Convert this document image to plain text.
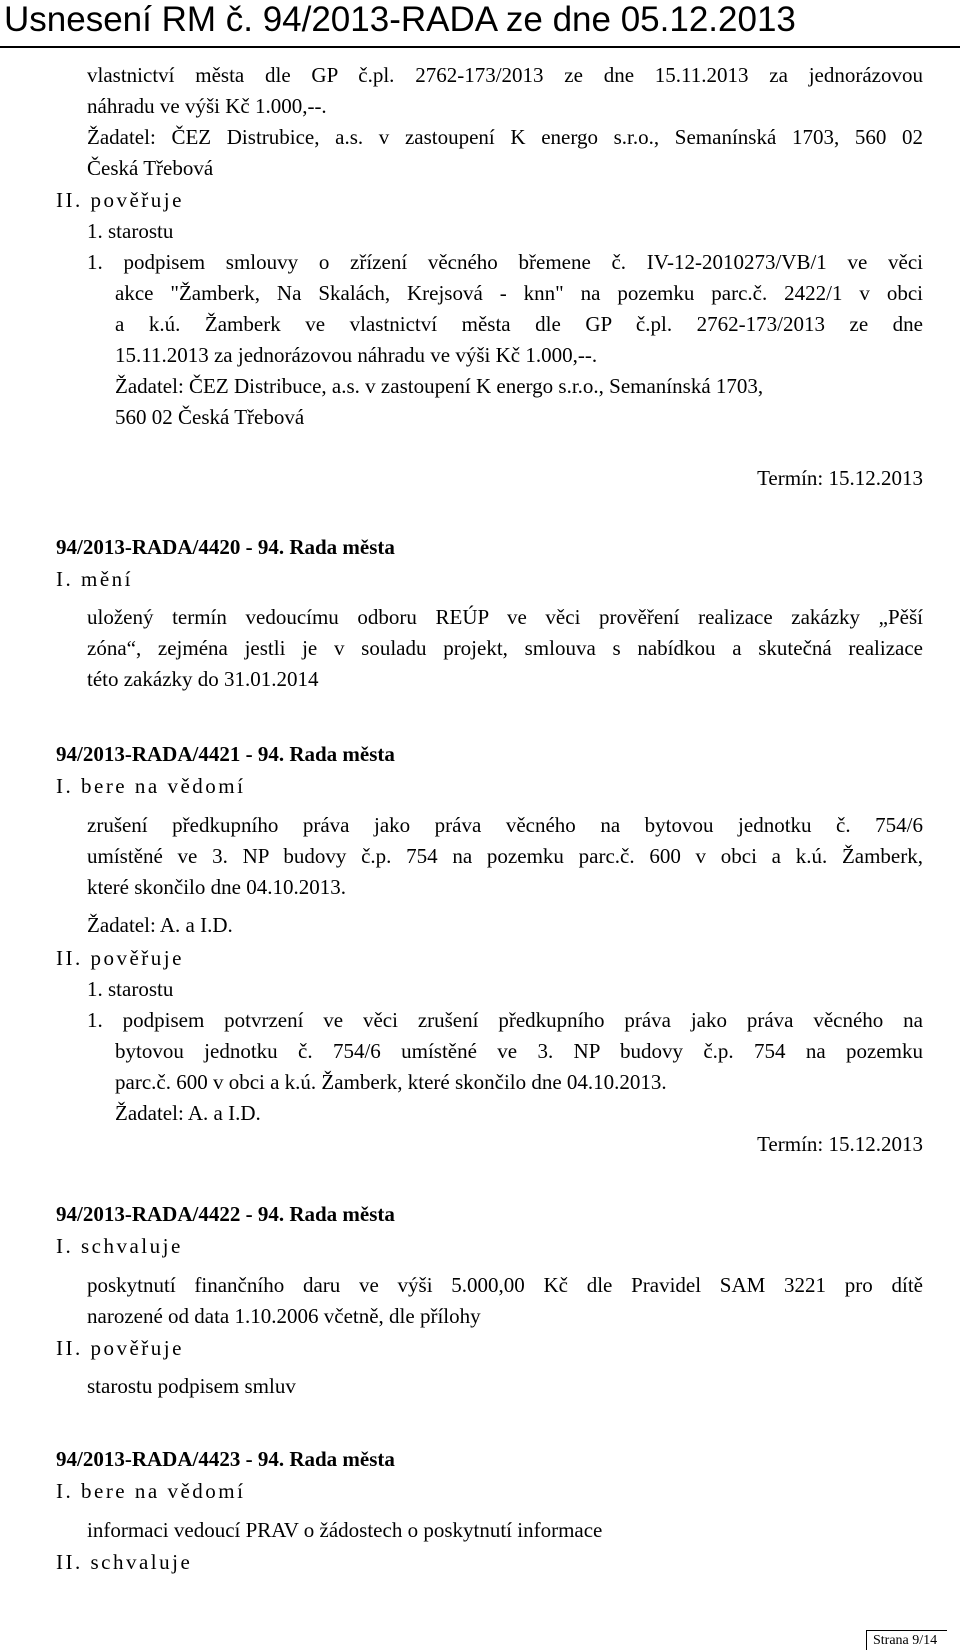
Usnesení RM č. 94/2013-RADA ze dne 05.12.2013
vlastnictví města dle GP č.pl. 2762-173/2013 ze dne 15.11.2013 za jednorázovou
náhradu ve výši Kč 1.000,--.
Žadatel: ČEZ Distrubice, a.s. v zastoupení K energo s.r.o., Semanínská 1703, 560 02
Česká Třebová
II. pověřuje
1. starostu
1. podpisem smlouvy o zřízení věcného břemene č. IV-12-2010273/VB/1 ve věci
akce "Žamberk, Na Skalách, Krejsová - knn" na pozemku parc.č. 2422/1 v obci
a k.ú. Žamberk ve vlastnictví města dle GP č.pl. 2762-173/2013 ze dne
15.11.2013 za jednorázovou náhradu ve výši Kč 1.000,--.
Žadatel: ČEZ Distribuce, a.s. v zastoupení K energo s.r.o., Semanínská 1703,
560 02 Česká Třebová
Termín: 15.12.2013
94/2013-RADA/4420 - 94. Rada města
I. mění
uložený termín vedoucímu odboru REÚP ve věci prověření realizace zakázky „Pěší
zóna“, zejména jestli je v souladu projekt, smlouva s nabídkou a skutečná realizace
této zakázky do 31.01.2014
94/2013-RADA/4421 - 94. Rada města
I. bere na vědomí
zrušení předkupního práva jako práva věcného na bytovou jednotku č. 754/6
umístěné ve 3. NP budovy č.p. 754 na pozemku parc.č. 600 v obci a k.ú. Žamberk,
které skončilo dne 04.10.2013.
Žadatel: A. a I.D.
II. pověřuje
1. starostu
1. podpisem potvrzení ve věci zrušení předkupního práva jako práva věcného na
bytovou jednotku č. 754/6 umístěné ve 3. NP budovy č.p. 754 na pozemku
parc.č. 600 v obci a k.ú. Žamberk, které skončilo dne 04.10.2013.
Žadatel: A. a I.D.
Termín: 15.12.2013
94/2013-RADA/4422 - 94. Rada města
I. schvaluje
poskytnutí finančního daru ve výši 5.000,00 Kč dle Pravidel SAM 3221 pro dítě
narozené od data 1.10.2006 včetně, dle přílohy
II. pověřuje
starostu podpisem smluv
94/2013-RADA/4423 - 94. Rada města
I. bere na vědomí
informaci vedoucí PRAV o žádostech o poskytnutí informace
II. schvaluje
Strana 9/14
